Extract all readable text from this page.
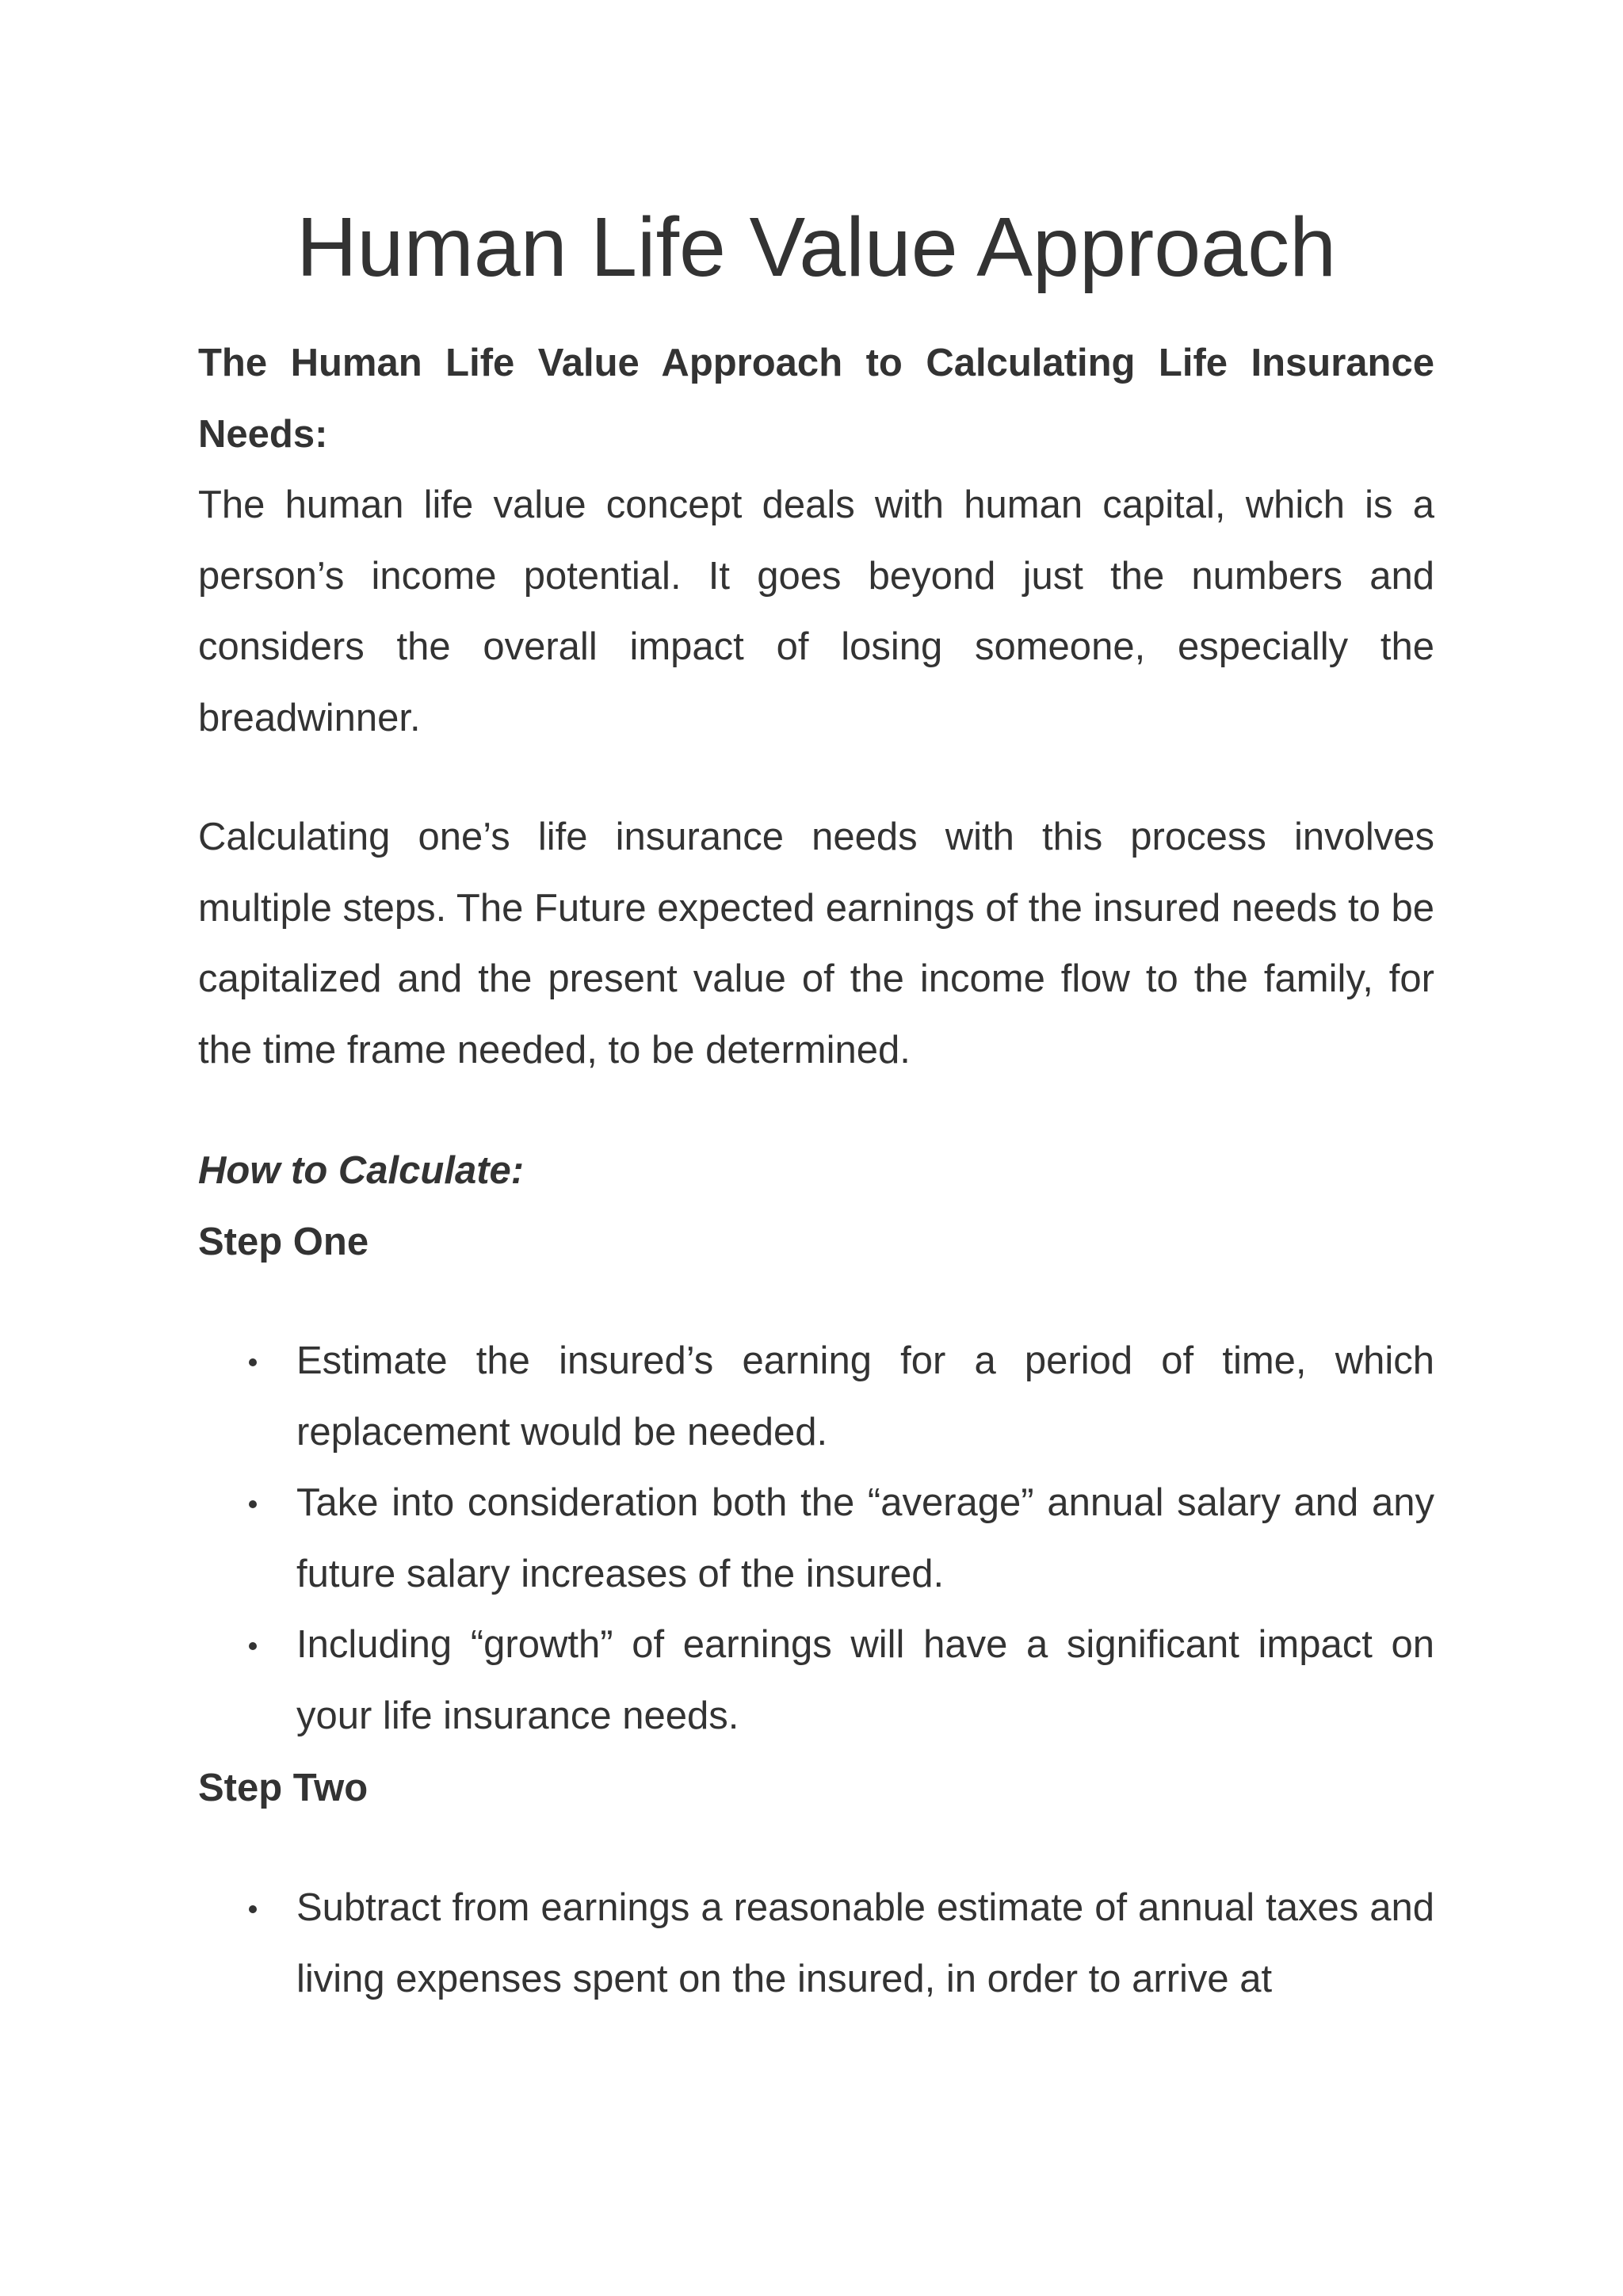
Human Life Value Approach

The Human Life Value Approach to Calculating Life Insurance Needs:

The human life value concept deals with human capital, which is a person’s income potential. It goes beyond just the numbers and considers the overall impact of losing someone, especially the breadwinner.

Calculating one’s life insurance needs with this process involves multiple steps. The Future expected earnings of the insured needs to be capitalized and the present value of the income flow to the family, for the time frame needed, to be determined.

How to Calculate:

Step One

Estimate the insured’s earning for a period of time, which replacement would be needed.
Take into consideration both the “average” annual salary and any future salary increases of the insured.
Including “growth” of earnings will have a significant impact on your life insurance needs.

Step Two

Subtract from earnings a reasonable estimate of annual taxes and living expenses spent on the insured, in order to arrive at
